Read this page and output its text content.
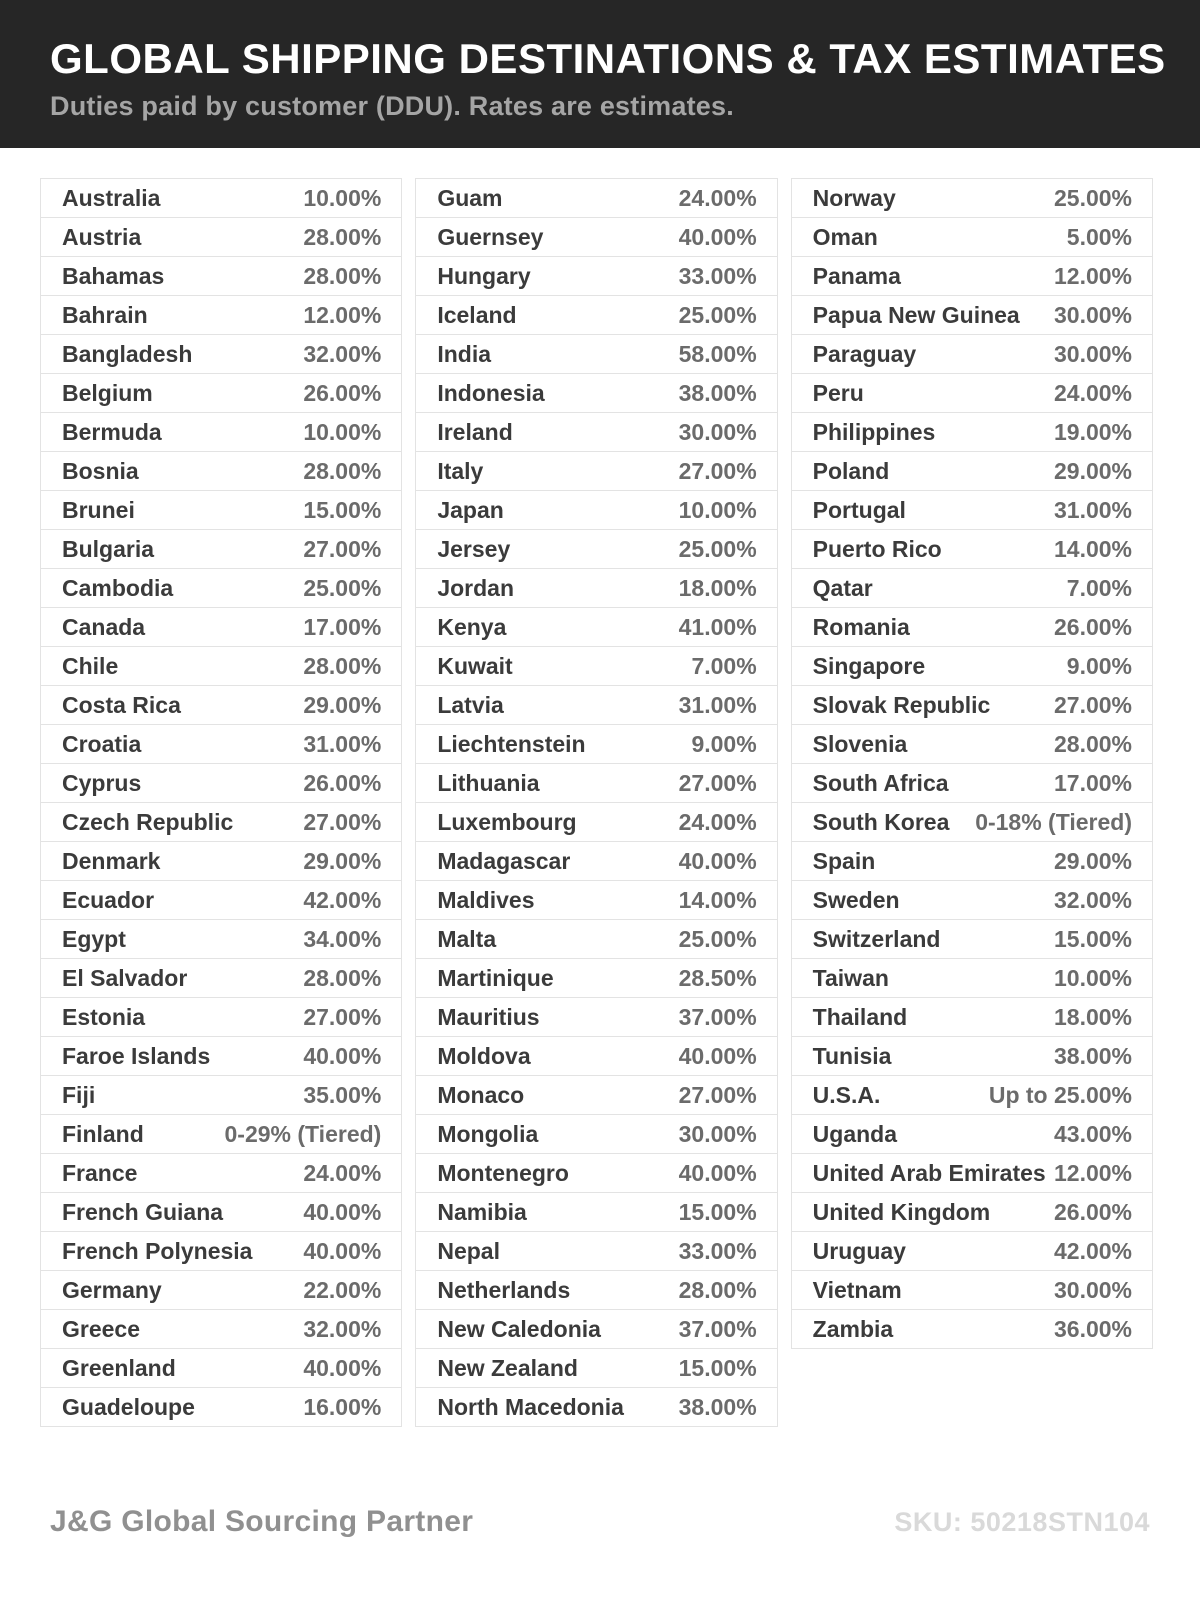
GLOBAL SHIPPING DESTINATIONS & TAX ESTIMATES

Duties paid by customer (DDU). Rates are estimates.

Australia	10.00%
Austria	28.00%
Bahamas	28.00%
Bahrain	12.00%
Bangladesh	32.00%
Belgium	26.00%
Bermuda	10.00%
Bosnia	28.00%
Brunei	15.00%
Bulgaria	27.00%
Cambodia	25.00%
Canada	17.00%
Chile	28.00%
Costa Rica	29.00%
Croatia	31.00%
Cyprus	26.00%
Czech Republic	27.00%
Denmark	29.00%
Ecuador	42.00%
Egypt	34.00%
El Salvador	28.00%
Estonia	27.00%
Faroe Islands	40.00%
Fiji	35.00%
Finland	0-29% (Tiered)
France	24.00%
French Guiana	40.00%
French Polynesia 40.00%
Germany	22.00%
Greece	32.00%
Greenland	40.00%
Guadeloupe	16.00%
Guam	24.00%
Guernsey	40.00%
Hungary	33.00%
Iceland	25.00%
India	58.00%
Indonesia	38.00%
Ireland	30.00%
Italy	27.00%
Japan	10.00%
Jersey	25.00%
Jordan	18.00%
Kenya	41.00%
Kuwait	7.00%
Latvia	31.00%
Liechtenstein	9.00%
Lithuania	27.00%
Luxembourg	24.00%
Madagascar	40.00%
Maldives	14.00%
Malta	25.00%
Martinique	28.50%
Mauritius	37.00%
Moldova	40.00%
Monaco	27.00%
Mongolia	30.00%
Montenegro	40.00%
Namibia	15.00%
Nepal	33.00%
Netherlands	28.00%
New Caledonia	37.00%
New Zealand	15.00%
North Macedonia 38.00%
Norway	25.00%
Oman	5.00%
Panama	12.00%
Papua New Guinea 30.00%
Paraguay	30.00%
Peru	24.00%
Philippines	19.00%
Poland	29.00%
Portugal	31.00%
Puerto Rico	14.00%
Qatar	7.00%
Romania	26.00%
Singapore	9.00%
Slovak Republic	27.00%
Slovenia	28.00%
South Africa	17.00%
South Korea 0-18% (Tiered)
Spain	29.00%
Sweden	32.00%
Switzerland	15.00%
Taiwan	10.00%
Thailand	18.00%
Tunisia	38.00%
U.S.A.	Up to 25.00%
Uganda	43.00%
United Arab Emirates 12.00%
United Kingdom	26.00%
Uruguay	42.00%
Vietnam	30.00%
Zambia	36.00%
J&G Global Sourcing Partner	SKU: 50218STN104
